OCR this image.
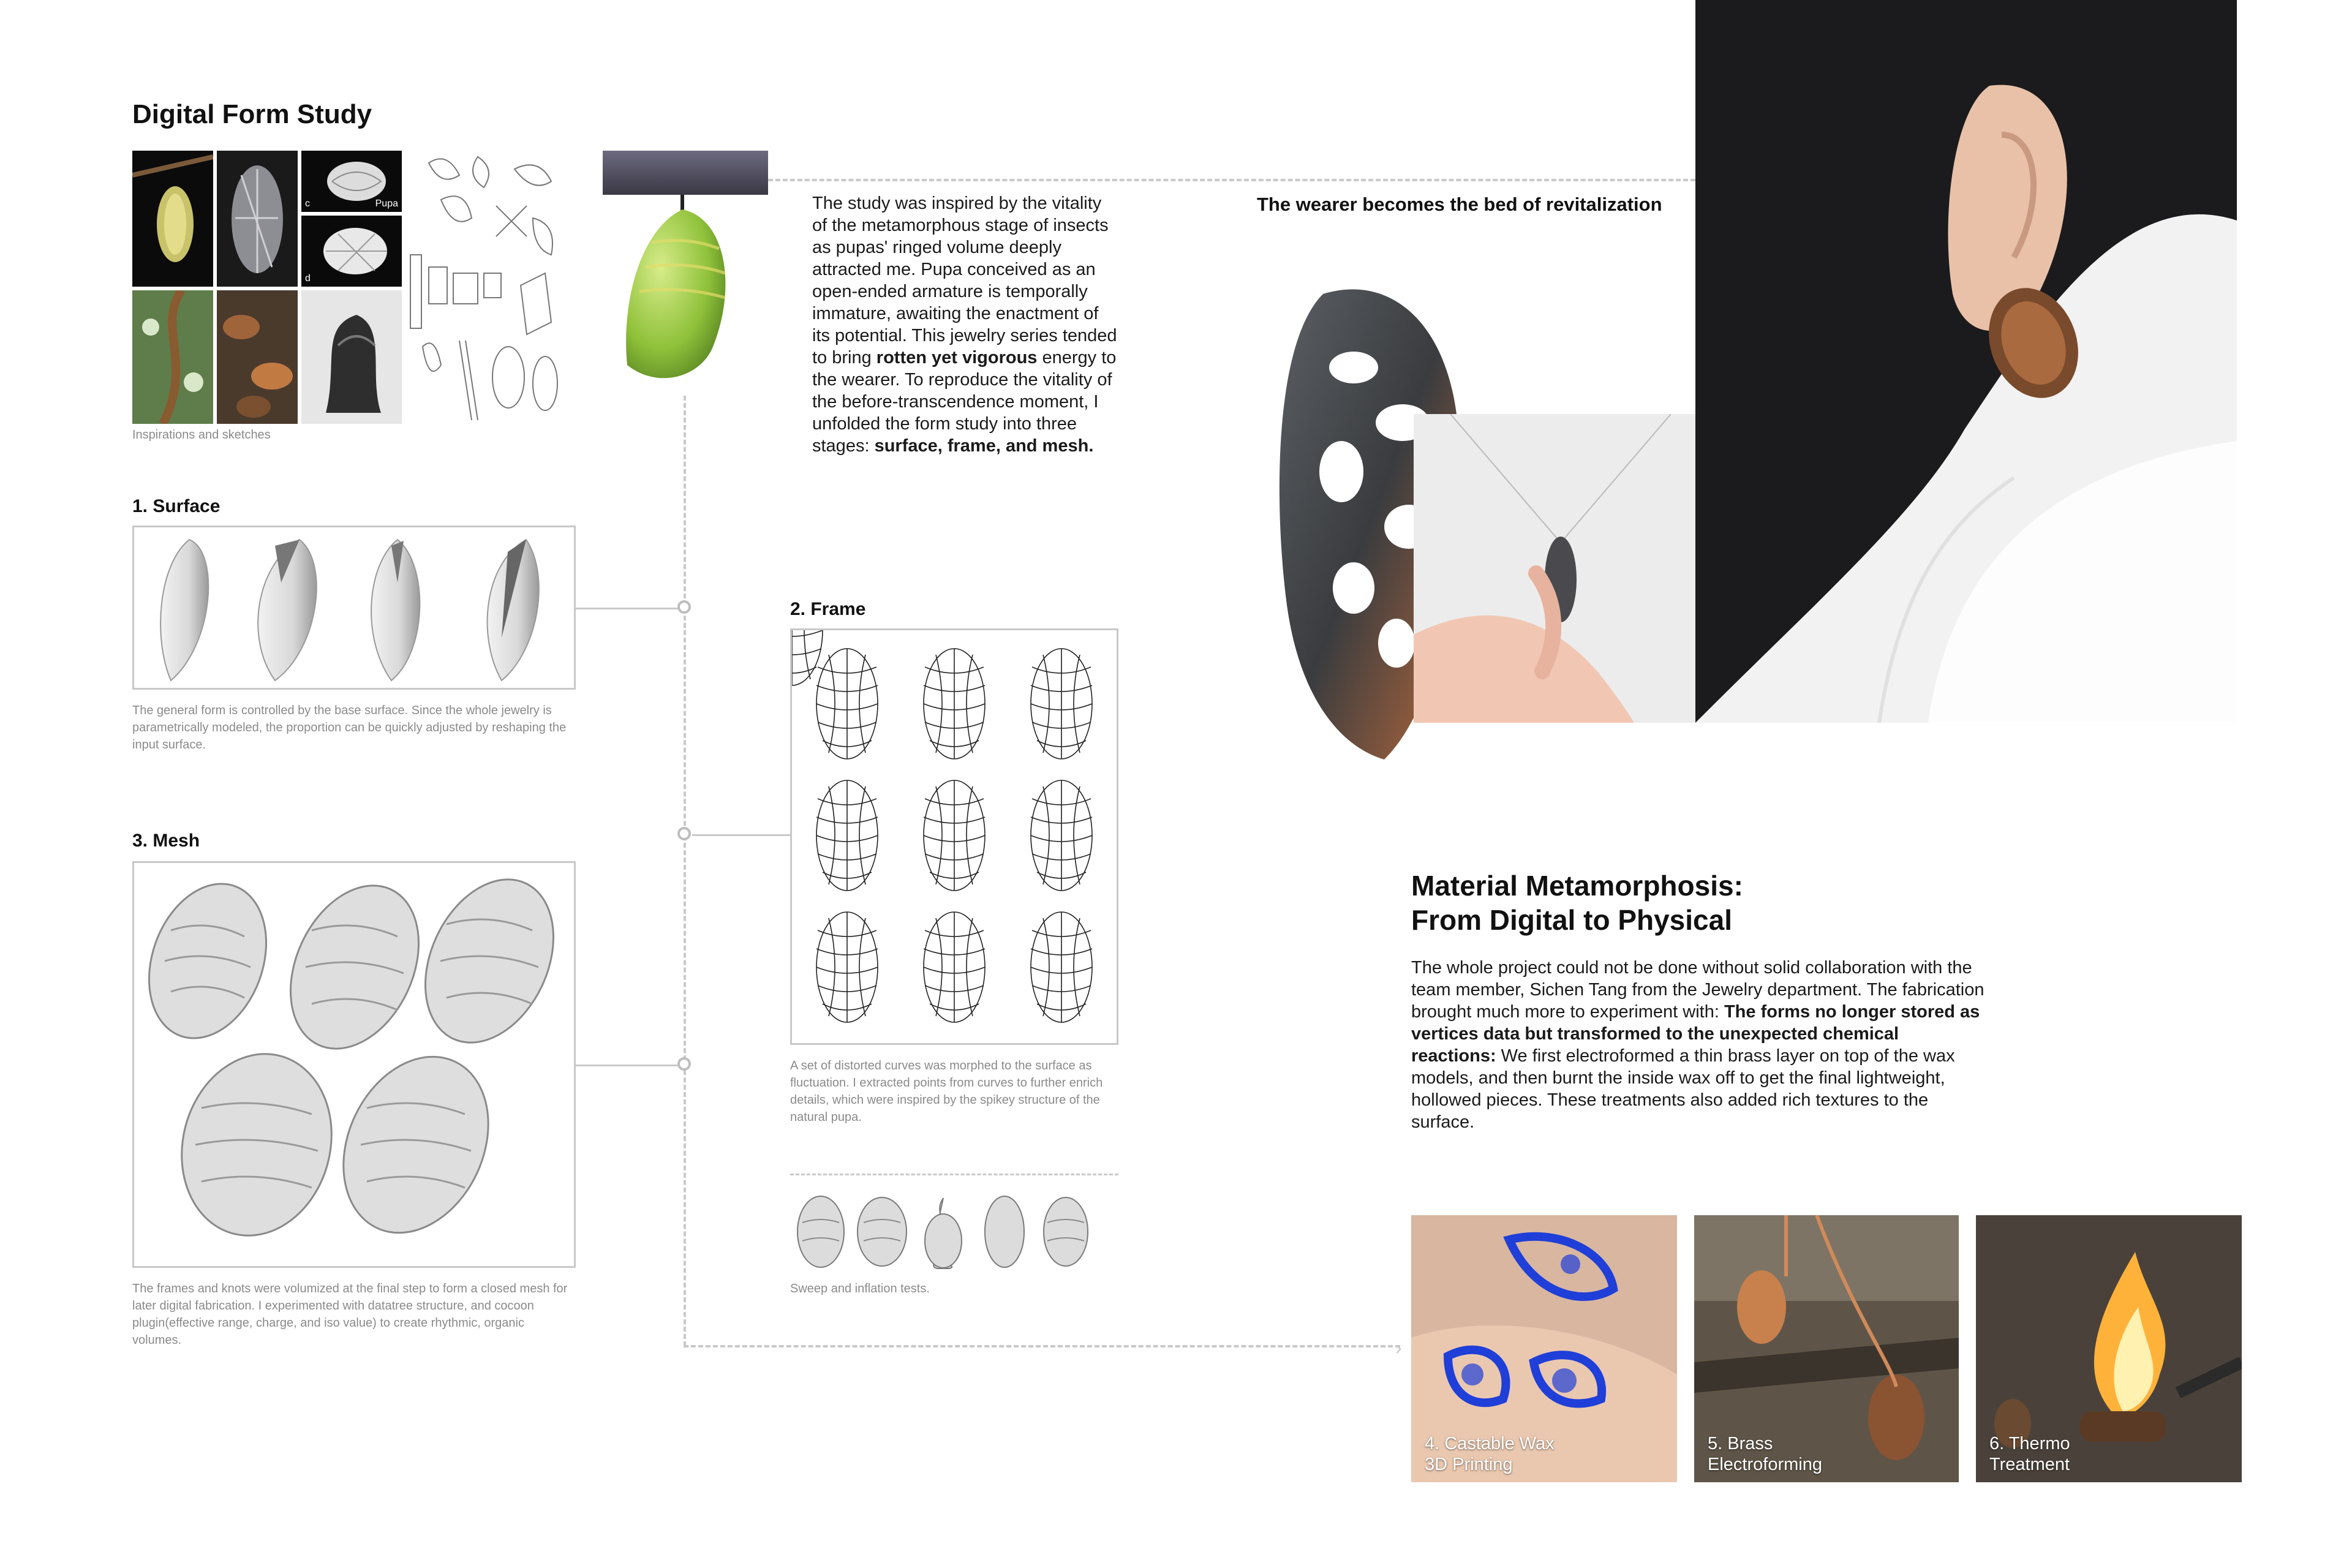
Digital Form Study
c	Pupa
d
Inspirations and sketches
›
The study was inspired by the vitality of the metamorphous stage of insects as pupas' ringed volume deeply attracted me. Pupa conceived as an open-ended armature is temporally immature, awaiting the enactment of its potential. This jewelry series tended to bring rotten yet vigorous energy to the wearer. To reproduce the vitality of the before-transcendence moment, I unfolded the form study into three stages: surface, frame, and mesh.
1. Surface
The general form is controlled by the base surface. Since the whole jewelry is parametrically modeled, the proportion can be quickly adjusted by reshaping the input surface.
3. Mesh
The frames and knots were volumized at the final step to form a closed mesh for later digital fabrication. I experimented with datatree structure, and cocoon plugin(effective range, charge, and iso value) to create rhythmic, organic volumes.
2. Frame
A set of distorted curves was morphed to the surface as fluctuation. I extracted points from curves to further enrich details, which were inspired by the spikey structure of the natural pupa.
Sweep and inflation tests.
The wearer becomes the bed of revitalization
Material Metamorphosis:
From Digital to Physical
The whole project could not be done without solid collaboration with the team member, Sichen Tang from the Jewelry department. The fabrication brought much more to experiment with: The forms no longer stored as vertices data but transformed to the unexpected chemical reactions: We first electroformed a thin brass layer on top of the wax models, and then burnt the inside wax off to get the final lightweight, hollowed pieces. These treatments also added rich textures to the surface.
4. Castable Wax
3D Printing
5. Brass
Electroforming
6. Thermo
Treatment
